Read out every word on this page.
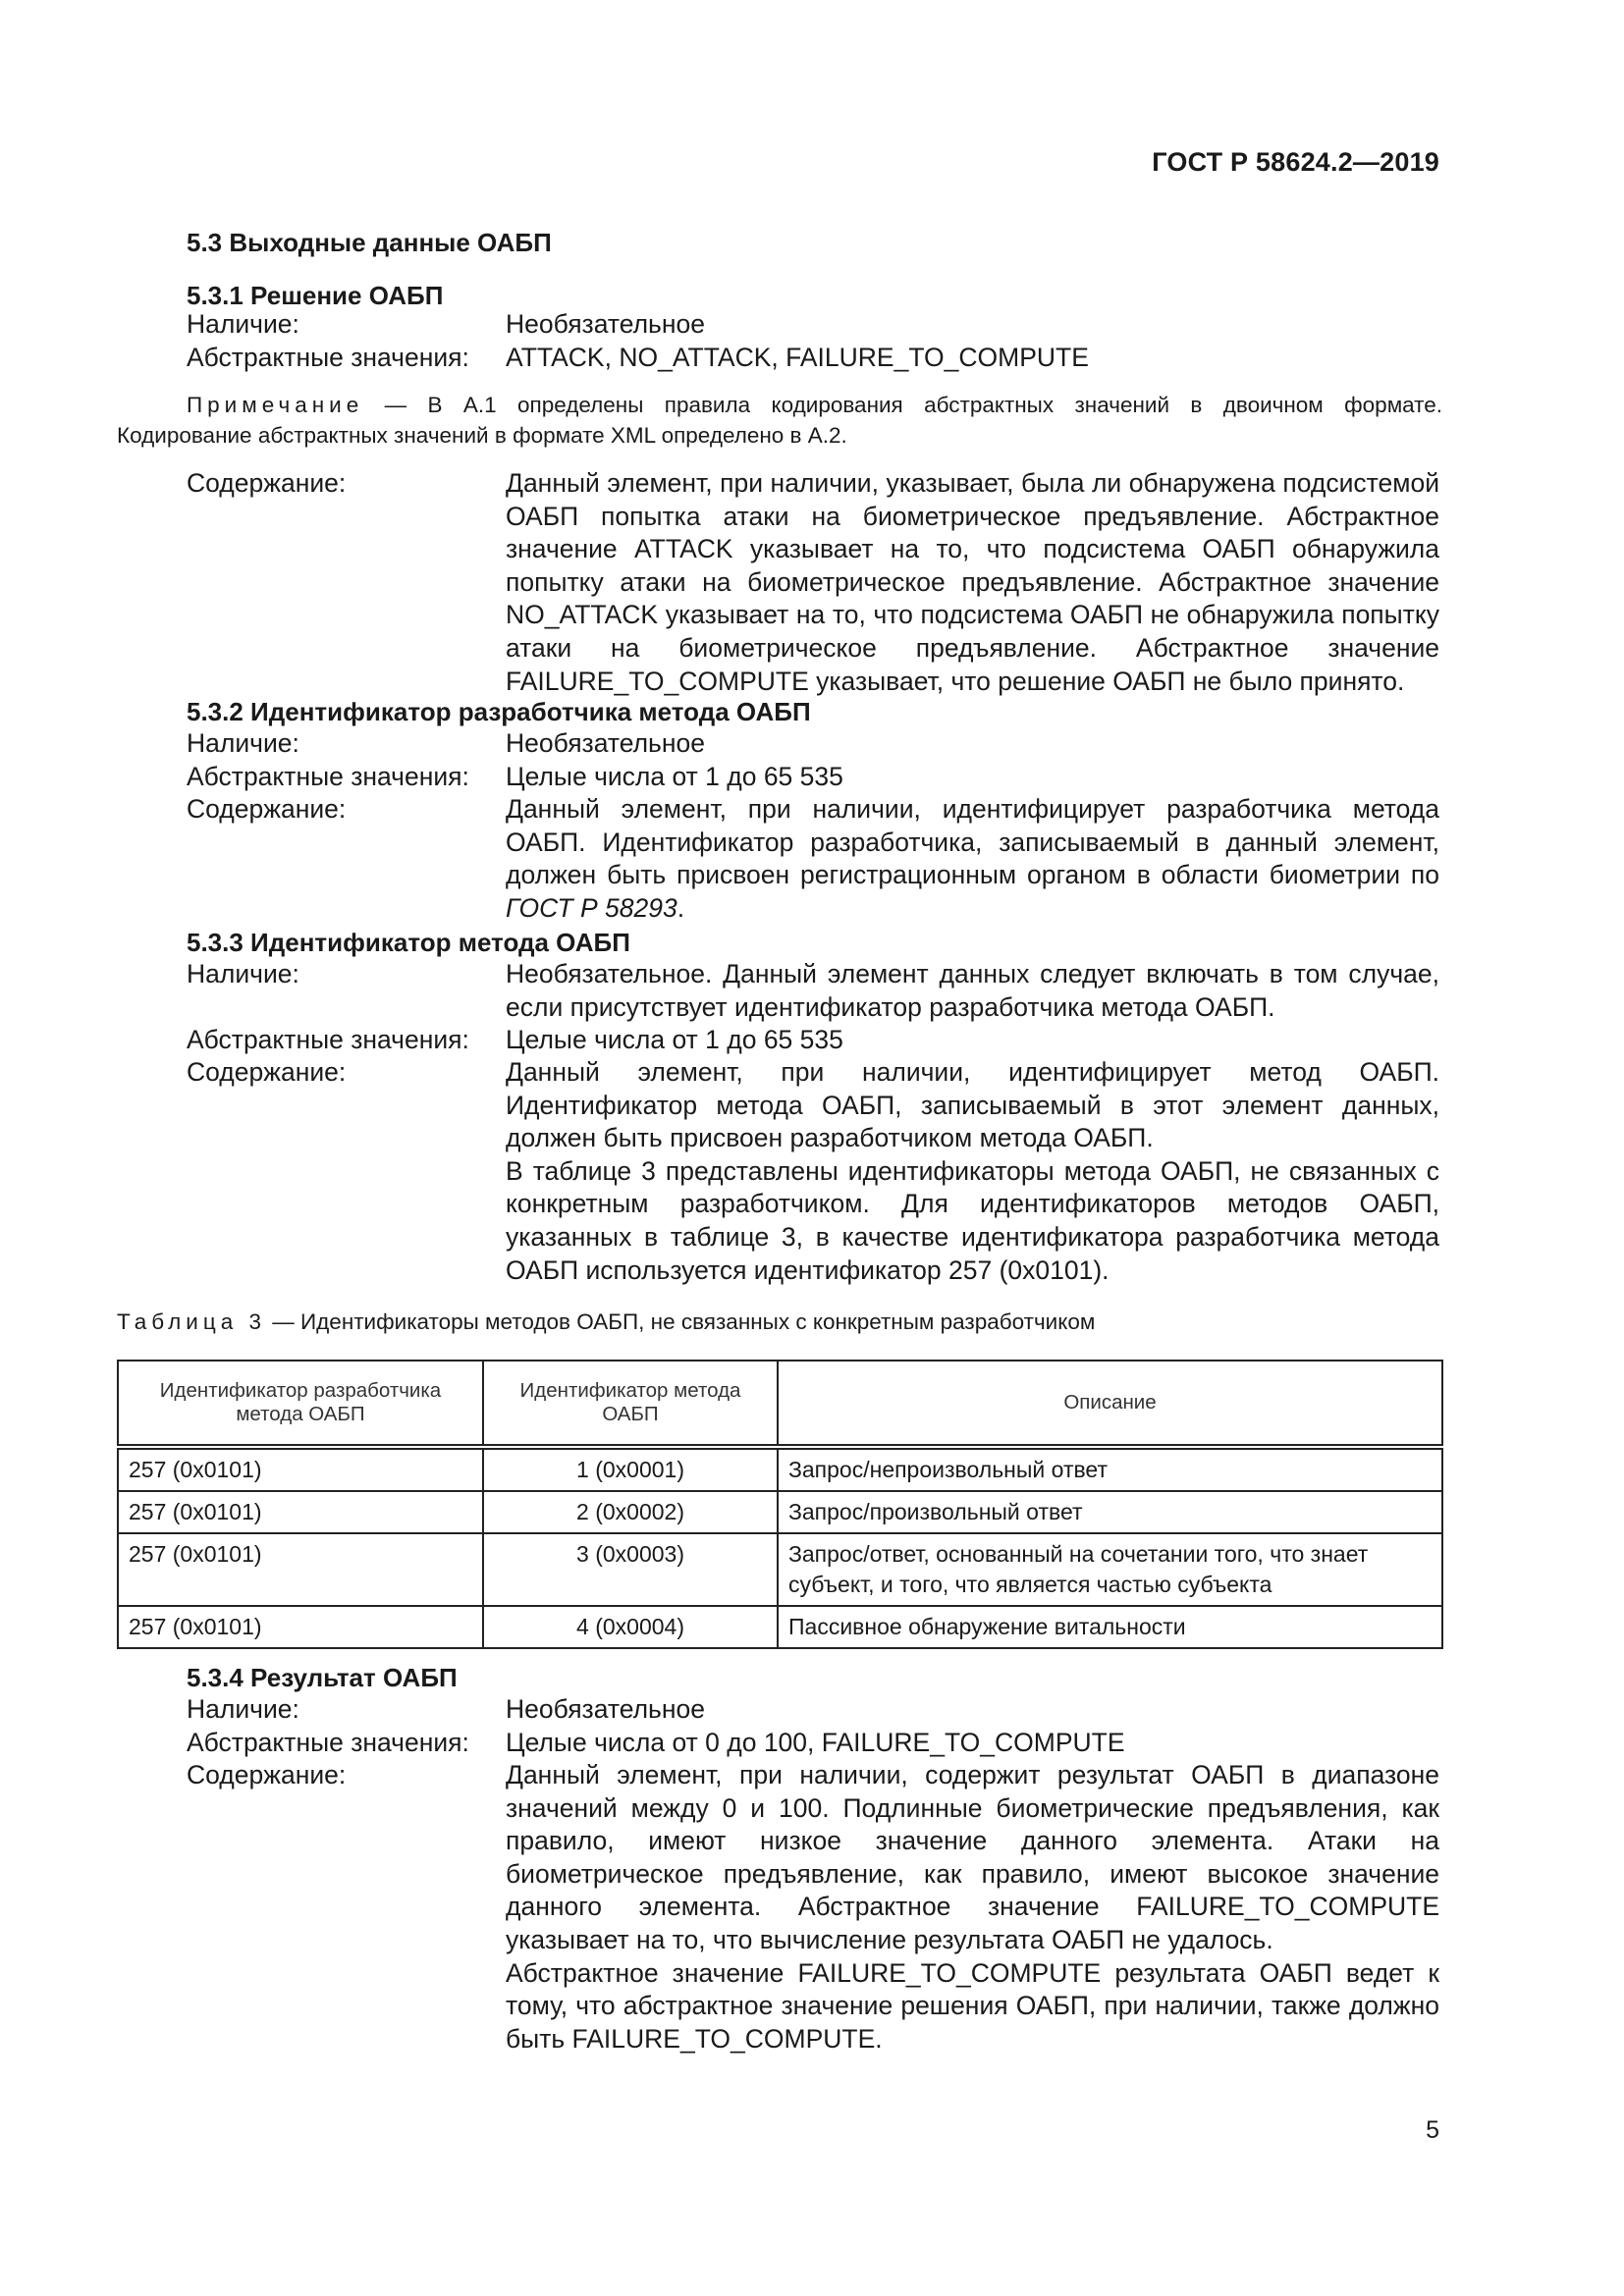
ГОСТ Р 58624.2—2019
5.3 Выходные данные ОАБП
5.3.1 Решение ОАБП
Наличие:	Необязательное
Абстрактные значения: ATTACK, NO_ATTACK, FAILURE_TO_COMPUTE
Примечание — В А.1 определены правила кодирования абстрактных значений в двоичном формате.
Кодирование абстрактных значений в формате XML определено в А.2.
Содержание:	Данный элемент, при наличии, указывает, была ли обнаружена подсистемой ОАБП попытка атаки на биометрическое предъявление. Абстрактное значение ATTACK указывает на то, что подсистема ОАБП обнаружила попытку атаки на биометрическое предъявление. Абстрактное значение NO_ATTACK указывает на то, что подсистема ОАБП не обнаружила попытку атаки на биометрическое предъявление. Абстрактное значение FAILURE_TO_COMPUTE указывает, что решение ОАБП не было принято.
5.3.2 Идентификатор разработчика метода ОАБП
Наличие:	Необязательное
Абстрактные значения: Целые числа от 1 до 65 535
Содержание:	Данный элемент, при наличии, идентифицирует разработчика метода ОАБП. Идентификатор разработчика, записываемый в данный элемент, должен быть присвоен регистрационным органом в области биометрии по ГОСТ Р 58293.
5.3.3 Идентификатор метода ОАБП
Наличие:	Необязательное. Данный элемент данных следует включать в том случае, если присутствует идентификатор разработчика метода ОАБП.
Абстрактные значения: Целые числа от 1 до 65 535
Содержание:	Данный элемент, при наличии, идентифицирует метод ОАБП. Идентификатор метода ОАБП, записываемый в этот элемент данных, должен быть присвоен разработчиком метода ОАБП.
В таблице 3 представлены идентификаторы метода ОАБП, не связанных с конкретным разработчиком. Для идентификаторов методов ОАБП, указанных в таблице 3, в качестве идентификатора разработчика метода ОАБП используется идентификатор 257 (0x0101).
Таблица 3 — Идентификаторы методов ОАБП, не связанных с конкретным разработчиком
Идентификатор разработчика метода ОАБП	Идентификатор метода ОАБП	Описание
257 (0x0101)	1 (0x0001)	Запрос/непроизвольный ответ
257 (0x0101)	2 (0x0002)	Запрос/произвольный ответ
257 (0x0101)	3 (0x0003)	Запрос/ответ, основанный на сочетании того, что знает субъект, и того, что является частью субъекта
257 (0x0101)	4 (0x0004)	Пассивное обнаружение витальности
5.3.4 Результат ОАБП
Наличие:	Необязательное
Абстрактные значения: Целые числа от 0 до 100, FAILURE_TO_COMPUTE
Содержание:	Данный элемент, при наличии, содержит результат ОАБП в диапазоне значений между 0 и 100. Подлинные биометрические предъявления, как правило, имеют низкое значение данного элемента. Атаки на биометрическое предъявление, как правило, имеют высокое значение данного элемента. Абстрактное значение FAILURE_TO_COMPUTE указывает на то, что вычисление результата ОАБП не удалось.
Абстрактное значение FAILURE_TO_COMPUTE результата ОАБП ведет к тому, что абстрактное значение решения ОАБП, при наличии, также должно быть FAILURE_TO_COMPUTE.
5
